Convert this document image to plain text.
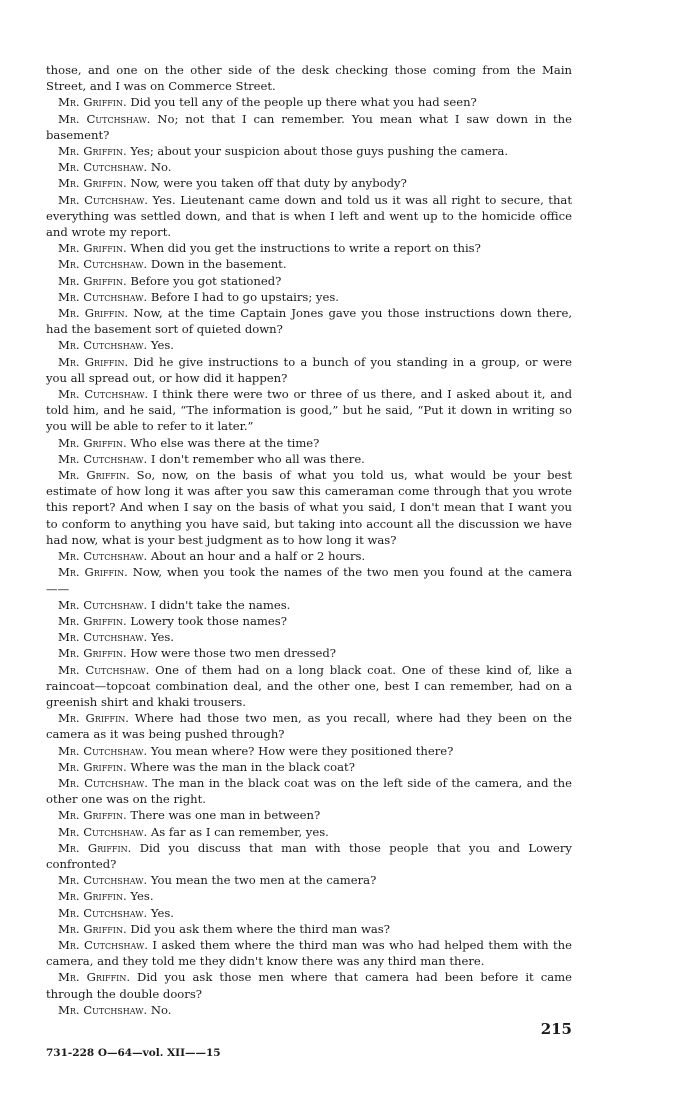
those, and one on the other side of the desk checking those coming from the Main Street, and I was on Commerce Street.

Mr. Griffin. Did you tell any of the people up there what you had seen?

Mr. Cutchshaw. No; not that I can remember. You mean what I saw down in the basement?

Mr. Griffin. Yes; about your suspicion about those guys pushing the camera.

Mr. Cutchshaw. No.

Mr. Griffin. Now, were you taken off that duty by anybody?

Mr. Cutchshaw. Yes. Lieutenant came down and told us it was all right to secure, that everything was settled down, and that is when I left and went up to the homicide office and wrote my report.

Mr. Griffin. When did you get the instructions to write a report on this?

Mr. Cutchshaw. Down in the basement.

Mr. Griffin. Before you got stationed?

Mr. Cutchshaw. Before I had to go upstairs; yes.

Mr. Griffin. Now, at the time Captain Jones gave you those instructions down there, had the basement sort of quieted down?

Mr. Cutchshaw. Yes.

Mr. Griffin. Did he give instructions to a bunch of you standing in a group, or were you all spread out, or how did it happen?

Mr. Cutchshaw. I think there were two or three of us there, and I asked about it, and told him, and he said, “The information is good,” but he said, “Put it down in writing so you will be able to refer to it later.”

Mr. Griffin. Who else was there at the time?

Mr. Cutchshaw. I don't remember who all was there.

Mr. Griffin. So, now, on the basis of what you told us, what would be your best estimate of how long it was after you saw this cameraman come through that you wrote this report? And when I say on the basis of what you said, I don't mean that I want you to conform to anything you have said, but taking into account all the discussion we have had now, what is your best judgment as to how long it was?

Mr. Cutchshaw. About an hour and a half or 2 hours.

Mr. Griffin. Now, when you took the names of the two men you found at the camera——

Mr. Cutchshaw. I didn't take the names.

Mr. Griffin. Lowery took those names?

Mr. Cutchshaw. Yes.

Mr. Griffin. How were those two men dressed?

Mr. Cutchshaw. One of them had on a long black coat. One of these kind of, like a raincoat—topcoat combination deal, and the other one, best I can remember, had on a greenish shirt and khaki trousers.

Mr. Griffin. Where had those two men, as you recall, where had they been on the camera as it was being pushed through?

Mr. Cutchshaw. You mean where? How were they positioned there?

Mr. Griffin. Where was the man in the black coat?

Mr. Cutchshaw. The man in the black coat was on the left side of the camera, and the other one was on the right.

Mr. Griffin. There was one man in between?

Mr. Cutchshaw. As far as I can remember, yes.

Mr. Griffin. Did you discuss that man with those people that you and Lowery confronted?

Mr. Cutchshaw. You mean the two men at the camera?

Mr. Griffin. Yes.

Mr. Cutchshaw. Yes.

Mr. Griffin. Did you ask them where the third man was?

Mr. Cutchshaw. I asked them where the third man was who had helped them with the camera, and they told me they didn't know there was any third man there.

Mr. Griffin. Did you ask those men where that camera had been before it came through the double doors?

Mr. Cutchshaw. No.

215
731-228 O—64—vol. XII——15
